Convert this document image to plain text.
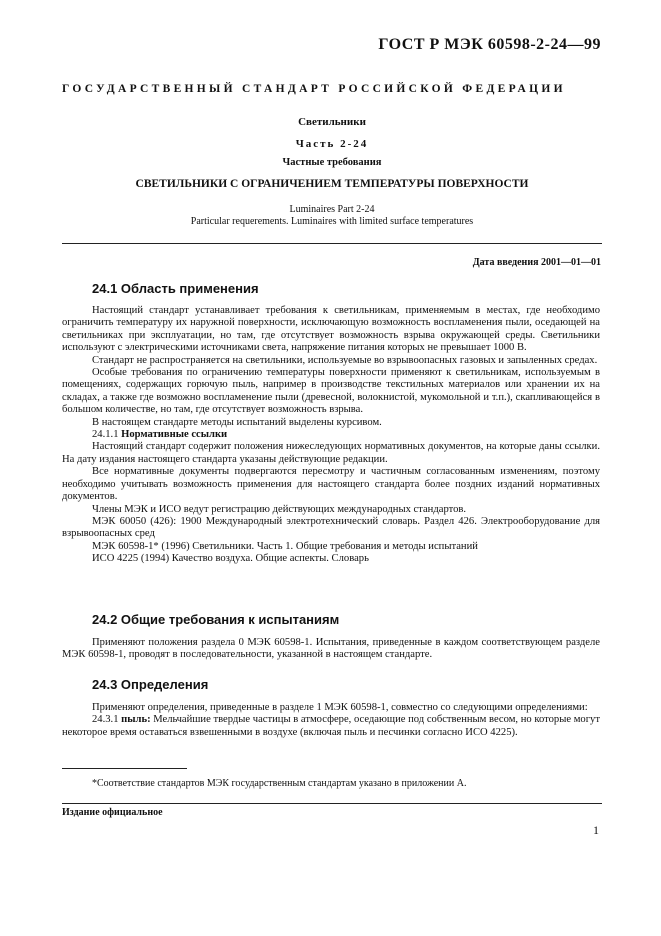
ГОСТ Р МЭК 60598-2-24—99
ГОСУДАРСТВЕННЫЙ СТАНДАРТ РОССИЙСКОЙ ФЕДЕРАЦИИ
Светильники
Часть 2-24
Частные требования
СВЕТИЛЬНИКИ С ОГРАНИЧЕНИЕМ ТЕМПЕРАТУРЫ ПОВЕРХНОСТИ
Luminaires Part 2-24
Particular requerements. Luminaires with limited surface temperatures
Дата введения 2001—01—01
24.1 Область применения

Настоящий стандарт устанавливает требования к светильникам, применяемым в местах, где необходимо ограничить температуру их наружной поверхности, исключающую возможность воспламенения пыли, оседающей на светильниках при эксплуатации, но там, где отсутствует возможность взрыва окружающей среды. Светильники используют с электрическими источниками света, напряжение питания которых не превышает 1000 В.

Стандарт не распространяется на светильники, используемые во взрывоопасных газовых и запыленных средах.

Особые требования по ограничению температуры поверхности применяют к светильникам, используемым в помещениях, содержащих горючую пыль, например в производстве текстильных материалов или хранении их на складах, а также где возможно воспламенение пыли (древесной, волокнистой, мукомольной и т.п.), скапливающейся в большом количестве, но там, где отсутствует возможность взрыва.

В настоящем стандарте методы испытаний выделены курсивом.

24.1.1 Нормативные ссылки

Настоящий стандарт содержит положения нижеследующих нормативных документов, на которые даны ссылки. На дату издания настоящего стандарта указаны действующие редакции.

Все нормативные документы подвергаются пересмотру и частичным согласованным изменениям, поэтому необходимо учитывать возможность применения для настоящего стандарта более поздних изданий нормативных документов.

Члены МЭК и ИСО ведут регистрацию действующих международных стандартов.

МЭК 60050 (426): 1900 Международный электротехнический словарь. Раздел 426. Электрооборудование для взрывоопасных сред

МЭК 60598-1* (1996) Светильники. Часть 1. Общие требования и методы испытаний

ИСО 4225 (1994) Качество воздуха. Общие аспекты. Словарь

24.2 Общие требования к испытаниям

Применяют положения раздела 0 МЭК 60598-1. Испытания, приведенные в каждом соответствующем разделе МЭК 60598-1, проводят в последовательности, указанной в настоящем стандарте.

24.3 Определения

Применяют определения, приведенные в разделе 1 МЭК 60598-1, совместно со следующими определениями:

24.3.1 пыль: Мельчайшие твердые частицы в атмосфере, оседающие под собственным весом, но которые могут некоторое время оставаться взвешенными в воздухе (включая пыль и песчинки согласно ИСО 4225).

*Соответствие стандартов МЭК государственным стандартам указано в приложении А.
Издание официальное
1
